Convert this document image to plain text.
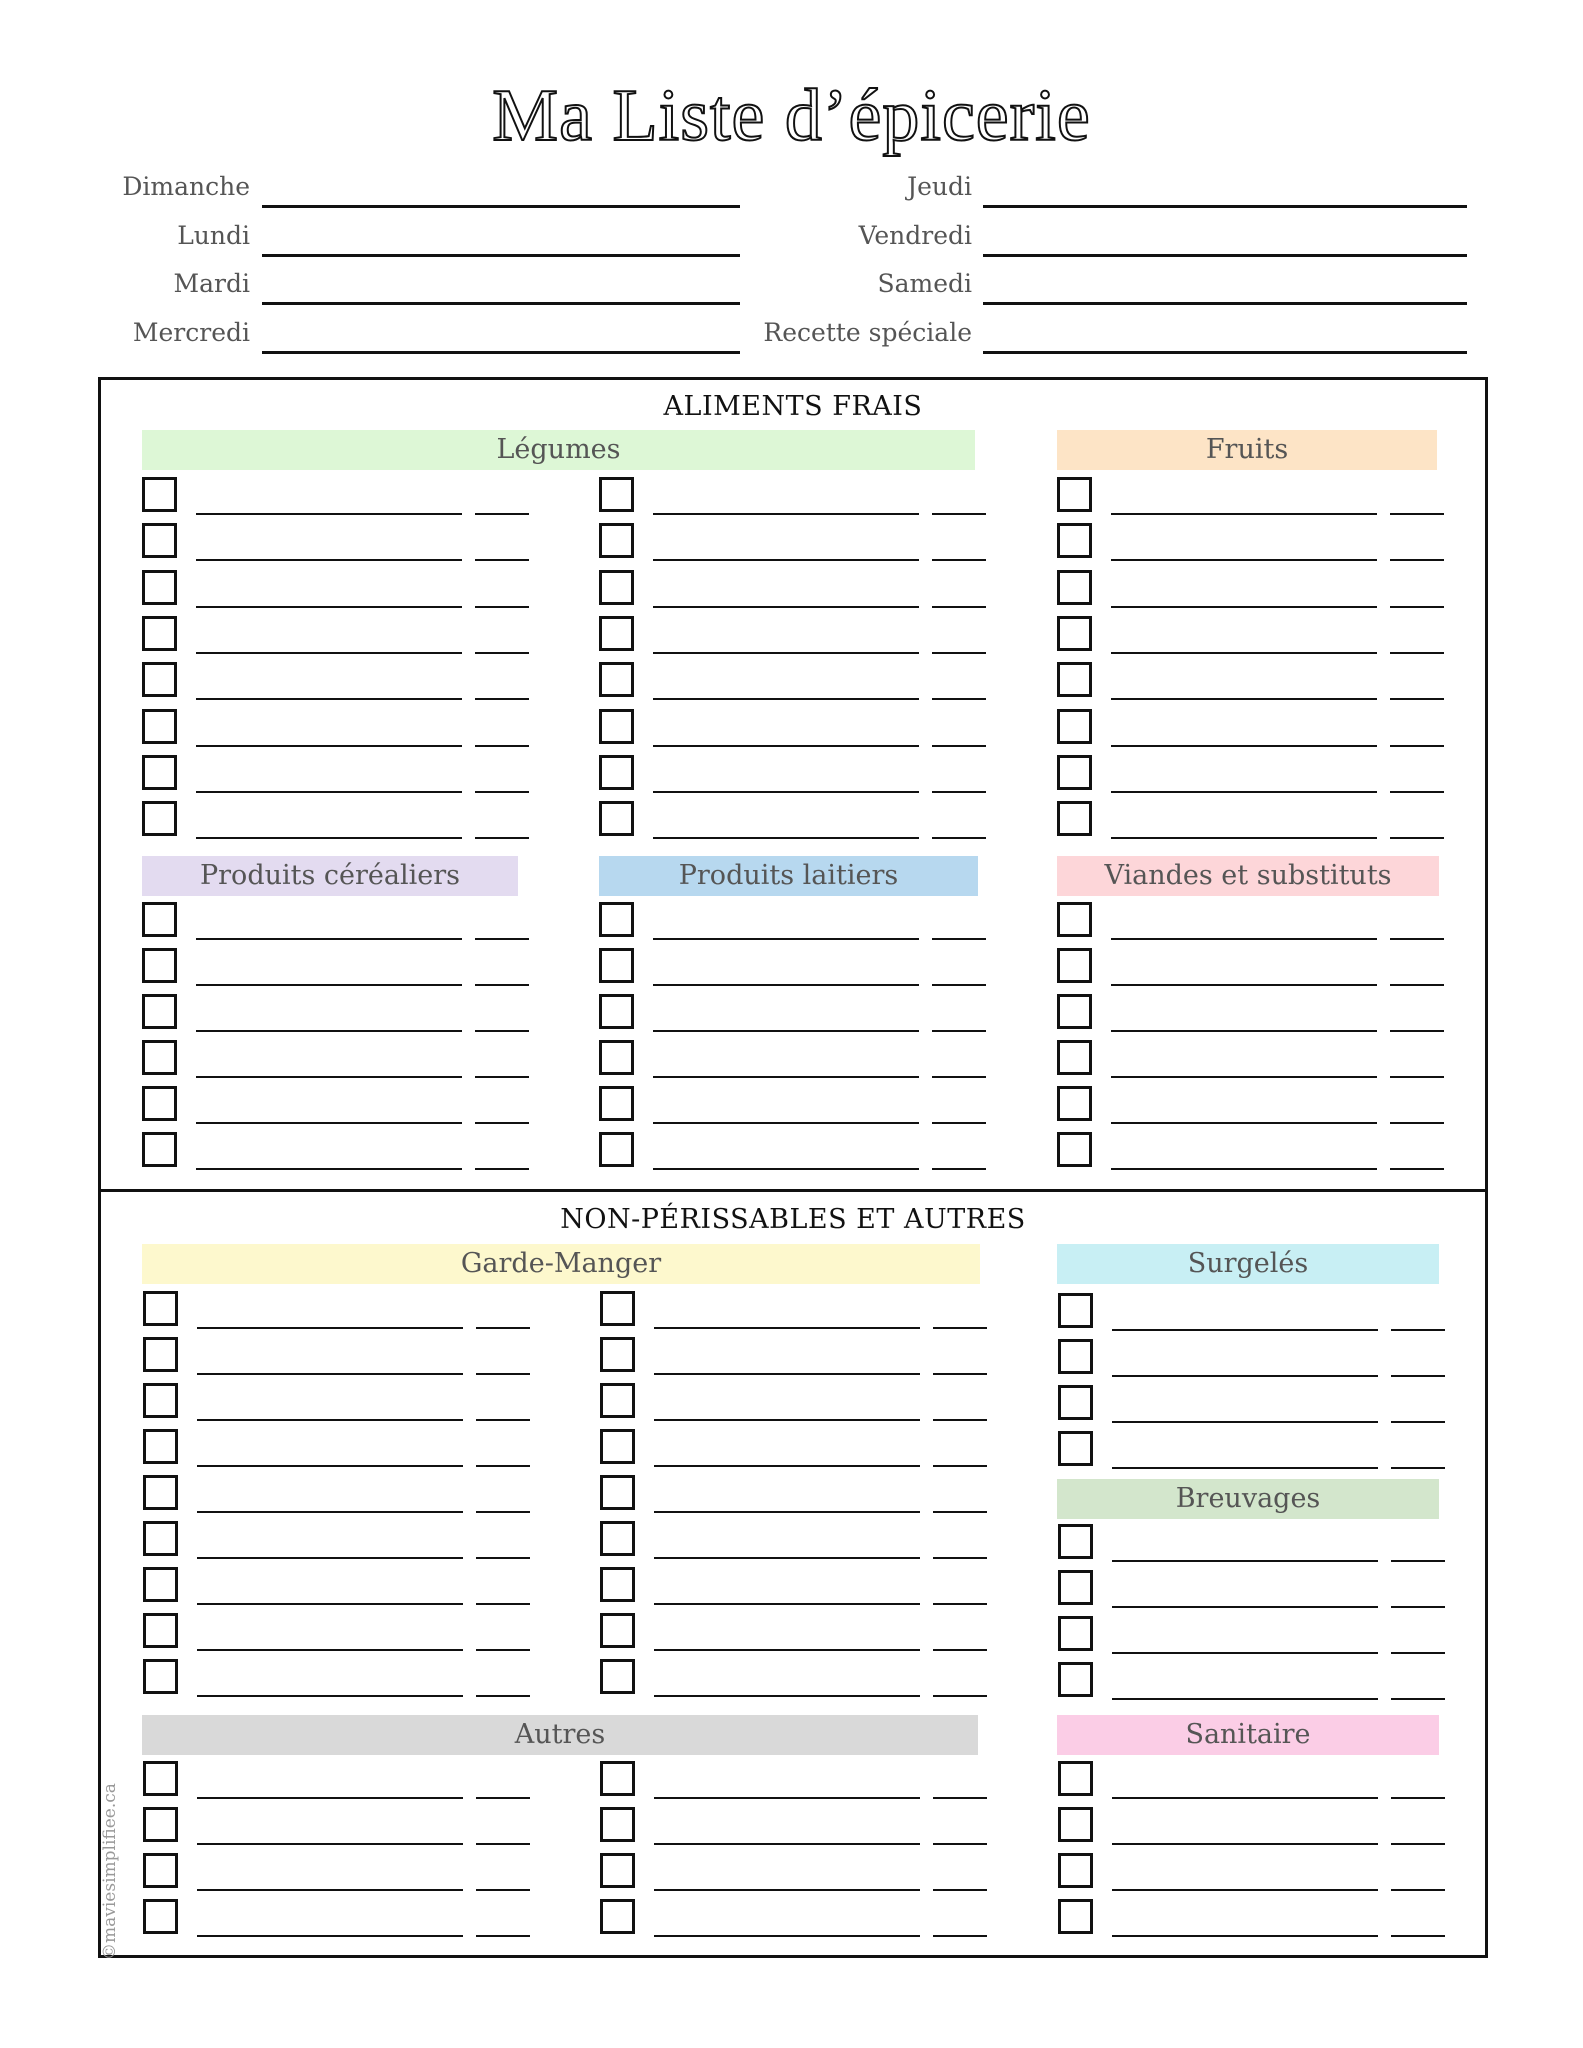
Ma Liste d’épicerie
Dimanche
Lundi
Mardi
Mercredi
Jeudi
Vendredi
Samedi
Recette spéciale
ALIMENTS FRAIS
NON-PÉRISSABLES ET AUTRES
Légumes	Fruits
Produits céréaliers	Produits laitiers	Viandes et substituts
Garde-Manger	Surgelés
Breuvages
Autres	Sanitaire
©maviesimplifiee.ca
